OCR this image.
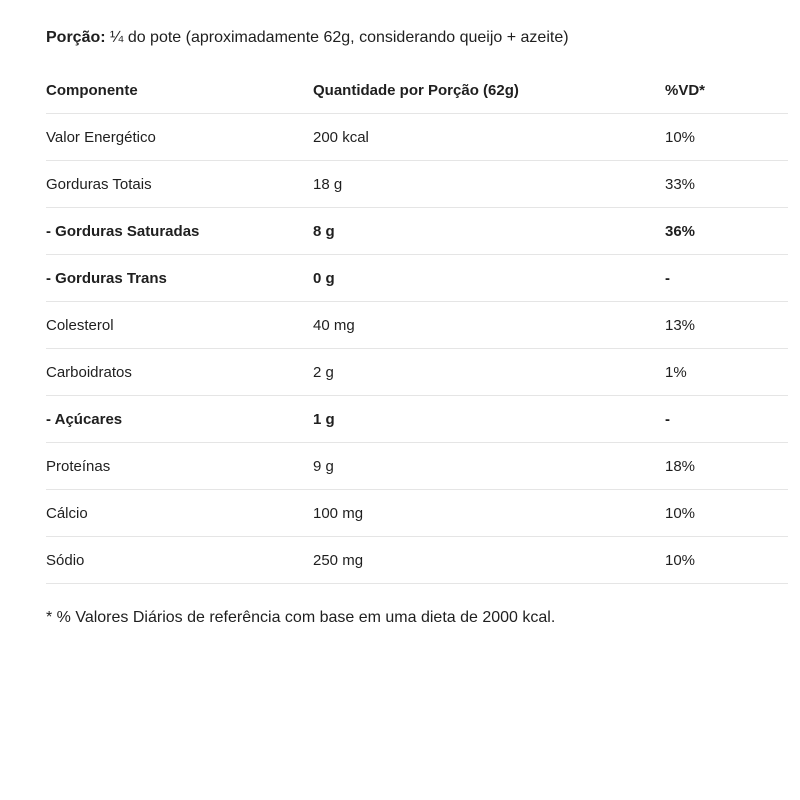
Porção: ¼ do pote (aproximadamente 62g, considerando queijo + azeite)
Componente	Quantidade por Porção (62g)	%VD*
Valor Energético	200 kcal	10%
Gorduras Totais	18 g	33%
- Gorduras Saturadas	8 g	36%
- Gorduras Trans	0 g	-
Colesterol	40 mg	13%
Carboidratos	2 g	1%
- Açúcares	1 g	-
Proteínas	9 g	18%
Cálcio	100 mg	10%
Sódio	250 mg	10%
* % Valores Diários de referência com base em uma dieta de 2000 kcal.
